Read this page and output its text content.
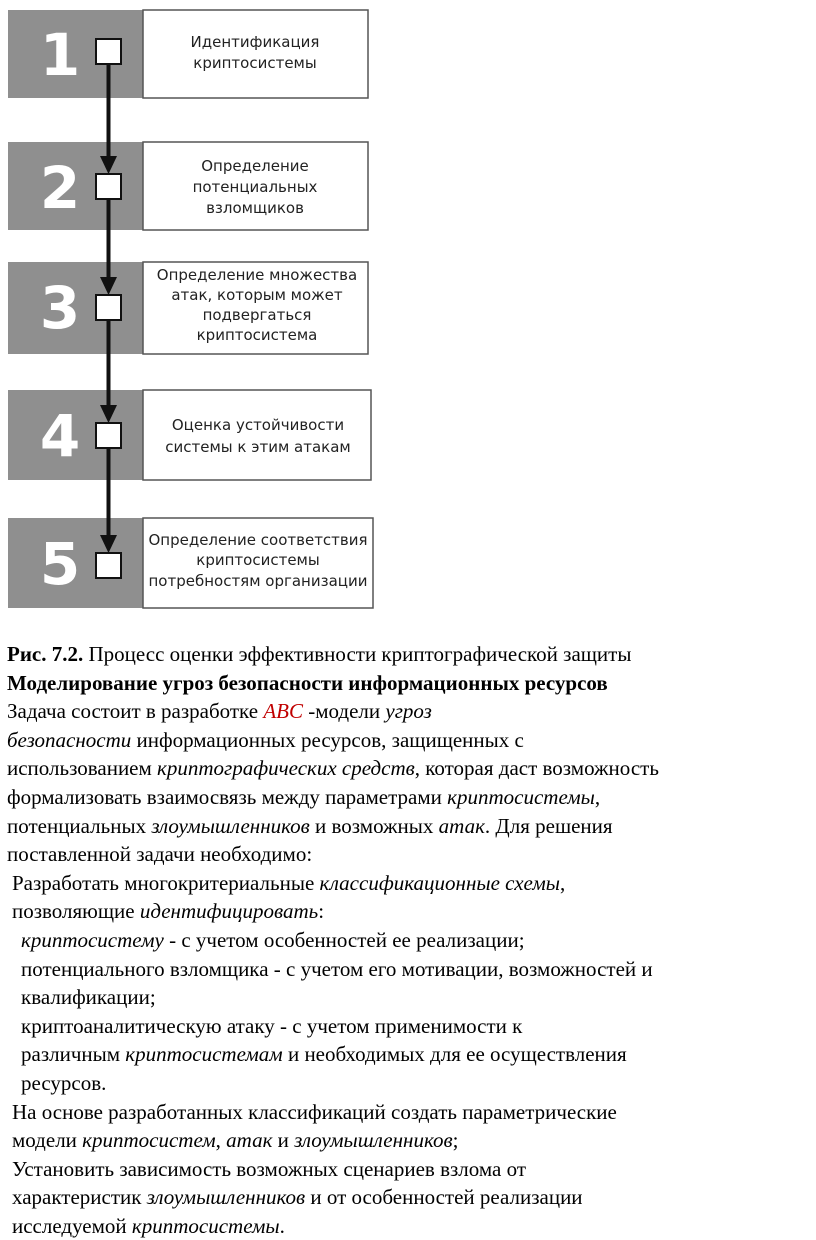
1	Идентификация
криптосистемы
2	Определение
потенциальных
взломщиков
3	Определение множества
атак, которым может
подвергаться
криптосистема
4	Оценка устойчивости
системы к этим атакам
5	Определение соответствия
криптосистемы
потребностям организации
Рис. 7.2. Процесс оценки эффективности криптографической защиты
Моделирование угроз безопасности информационных ресурсов
Задача состоит в разработке ABC -модели угроз
безопасности информационных ресурсов, защищенных с
использованием криптографических средств, которая даст возможность
формализовать взаимосвязь между параметрами криптосистемы,
потенциальных злоумышленников и возможных атак. Для решения
поставленной задачи необходимо:
Разработать многокритериальные классификационные схемы,
позволяющие идентифицировать:
криптосистему - с учетом особенностей ее реализации;
потенциального взломщика - с учетом его мотивации, возможностей и
квалификации;
криптоаналитическую атаку - с учетом применимости к
различным криптосистемам и необходимых для ее осуществления
ресурсов.
На основе разработанных классификаций создать параметрические
модели криптосистем, атак и злоумышленников;
Установить зависимость возможных сценариев взлома от
характеристик злоумышленников и от особенностей реализации
исследуемой криптосистемы.
